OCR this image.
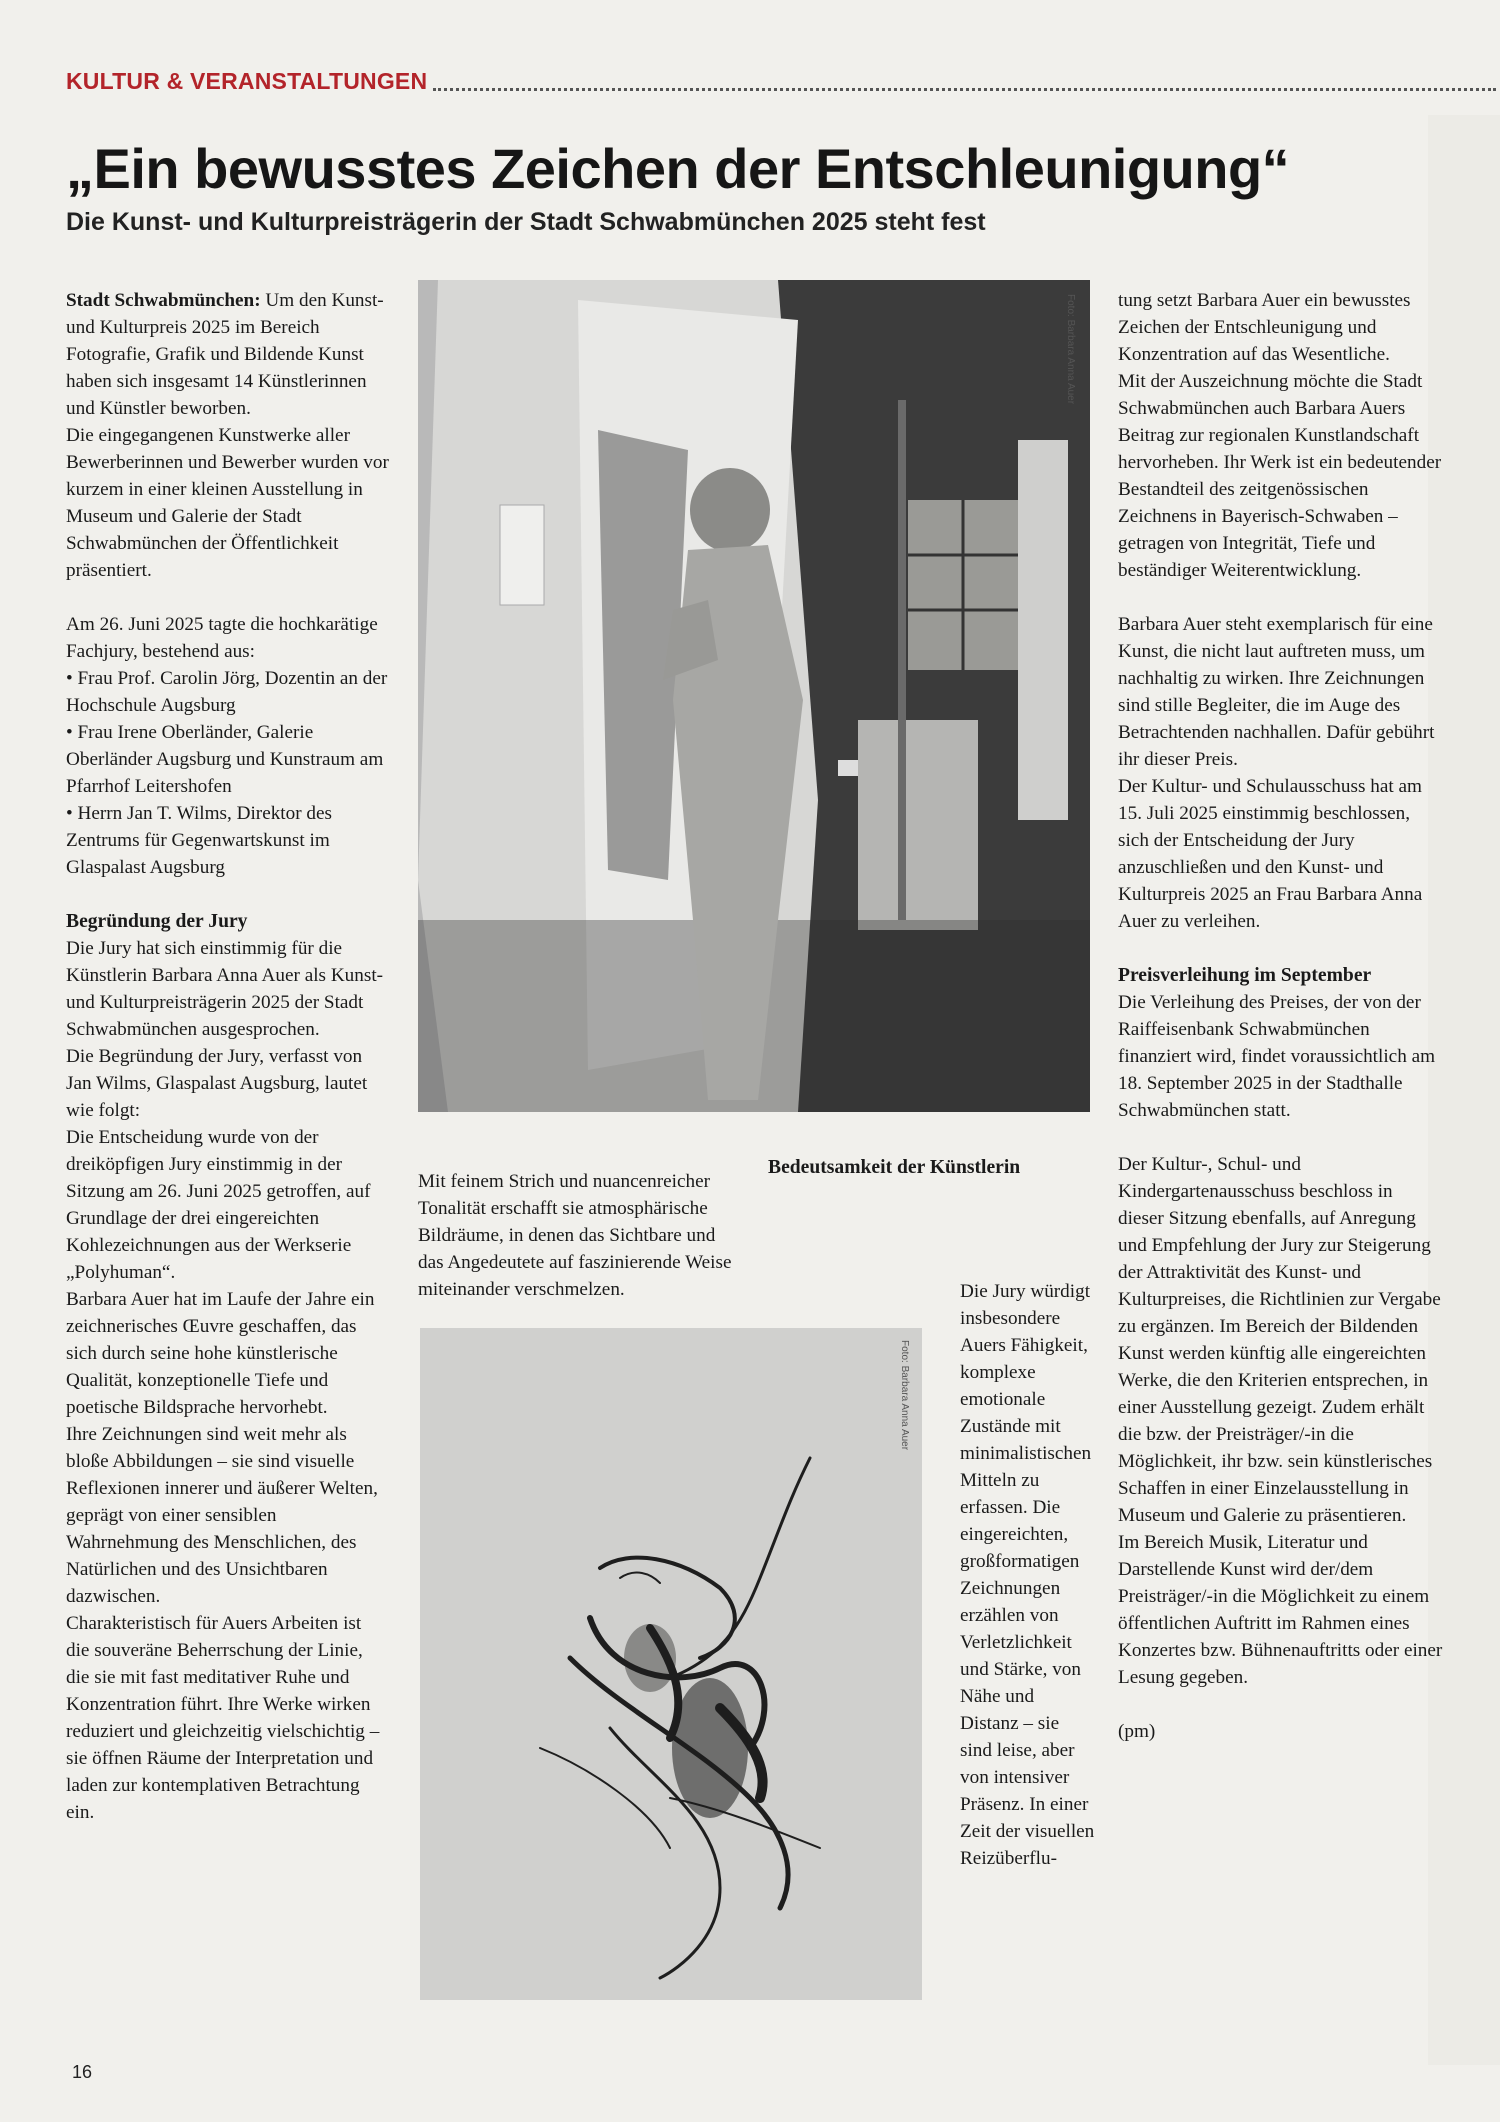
KULTUR & VERANSTALTUNGEN
„Ein bewusstes Zeichen der Entschleunigung“
Die Kunst- und Kulturpreisträgerin der Stadt Schwabmünchen 2025 steht fest

Stadt Schwabmünchen: Um den Kunst- und Kulturpreis 2025 im Bereich Fotografie, Grafik und Bildende Kunst haben sich insgesamt 14 Künstlerinnen und Künstler beworben.

Die eingegangenen Kunstwerke aller Bewerberinnen und Bewerber wurden vor kurzem in einer kleinen Ausstellung in Museum und Galerie der Stadt Schwabmünchen der Öffentlichkeit präsentiert.

Am 26. Juni 2025 tagte die hochkarätige Fachjury, bestehend aus:

• Frau Prof. Carolin Jörg, Dozentin an der Hochschule Augsburg

• Frau Irene Oberländer, Galerie Oberländer Augsburg und Kunstraum am Pfarrhof Leitershofen

• Herrn Jan T. Wilms, Direktor des Zentrums für Gegenwartskunst im Glaspalast Augsburg

Begründung der Jury

Die Jury hat sich einstimmig für die Künstlerin Barbara Anna Auer als Kunst- und Kulturpreisträgerin 2025 der Stadt Schwabmünchen ausgesprochen.

Die Begründung der Jury, verfasst von Jan Wilms, Glaspalast Augsburg, lautet wie folgt:

Die Entscheidung wurde von der dreiköpfigen Jury einstimmig in der Sitzung am 26. Juni 2025 getroffen, auf Grundlage der drei eingereichten Kohlezeichnungen aus der Werkserie „Polyhuman“.

Barbara Auer hat im Laufe der Jahre ein zeichnerisches Œuvre geschaffen, das sich durch seine hohe künstlerische Qualität, konzeptionelle Tiefe und poetische Bildsprache hervorhebt.

Ihre Zeichnungen sind weit mehr als bloße Abbildungen – sie sind visuelle Reflexionen innerer und äußerer Welten, geprägt von einer sensiblen Wahrnehmung des Menschlichen, des Natürlichen und des Unsichtbaren dazwischen.

Charakteristisch für Auers Arbeiten ist die souveräne Beherrschung der Linie, die sie mit fast meditativer Ruhe und Konzentration führt. Ihre Werke wirken reduziert und gleichzeitig vielschichtig – sie öffnen Räume der Interpretation und laden zur kontemplativen Betrachtung ein.

Foto: Barbara Anna Auer

Mit feinem Strich und nuancenreicher Tonalität erschafft sie atmosphärische Bildräume, in denen das Sichtbare und das Angedeutete auf faszinierende Weise miteinander verschmelzen.

Bedeutsamkeit der Künstlerin

Die Jury würdigt insbesondere Auers Fähigkeit, komplexe emotionale Zustände mit minimalistischen Mitteln zu erfassen. Die eingereichten, großformatigen Zeichnungen erzählen von Verletzlichkeit und Stärke, von Nähe und Distanz – sie sind leise, aber von intensiver Präsenz. In einer Zeit der visuellen Reizüberflu-

Foto: Barbara Anna Auer

tung setzt Barbara Auer ein bewusstes Zeichen der Entschleunigung und Konzentration auf das Wesentliche.

Mit der Auszeichnung möchte die Stadt Schwabmünchen auch Barbara Auers Beitrag zur regionalen Kunstlandschaft hervorheben. Ihr Werk ist ein bedeutender Bestandteil des zeitgenössischen Zeichnens in Bayerisch-Schwaben – getragen von Integrität, Tiefe und beständiger Weiterentwicklung.

Barbara Auer steht exemplarisch für eine Kunst, die nicht laut auftreten muss, um nachhaltig zu wirken. Ihre Zeichnungen sind stille Begleiter, die im Auge des Betrachtenden nachhallen. Dafür gebührt ihr dieser Preis.

Der Kultur- und Schulausschuss hat am 15. Juli 2025 einstimmig beschlossen, sich der Entscheidung der Jury anzuschließen und den Kunst- und Kulturpreis 2025 an Frau Barbara Anna Auer zu verleihen.

Preisverleihung im September

Die Verleihung des Preises, der von der Raiffeisenbank Schwabmünchen finanziert wird, findet voraussichtlich am 18. September 2025 in der Stadthalle Schwabmünchen statt.

Der Kultur-, Schul- und Kindergartenausschuss beschloss in dieser Sitzung ebenfalls, auf Anregung und Empfehlung der Jury zur Steigerung der Attraktivität des Kunst- und Kulturpreises, die Richtlinien zur Vergabe zu ergänzen. Im Bereich der Bildenden Kunst werden künftig alle eingereichten Werke, die den Kriterien entsprechen, in einer Ausstellung gezeigt. Zudem erhält die bzw. der Preisträger/-in die Möglichkeit, ihr bzw. sein künstlerisches Schaffen in einer Einzelausstellung in Museum und Galerie zu präsentieren.

Im Bereich Musik, Literatur und Darstellende Kunst wird der/dem Preisträger/-in die Möglichkeit zu einem öffentlichen Auftritt im Rahmen eines Konzertes bzw. Bühnenauftritts oder einer Lesung gegeben.

(pm)

16
